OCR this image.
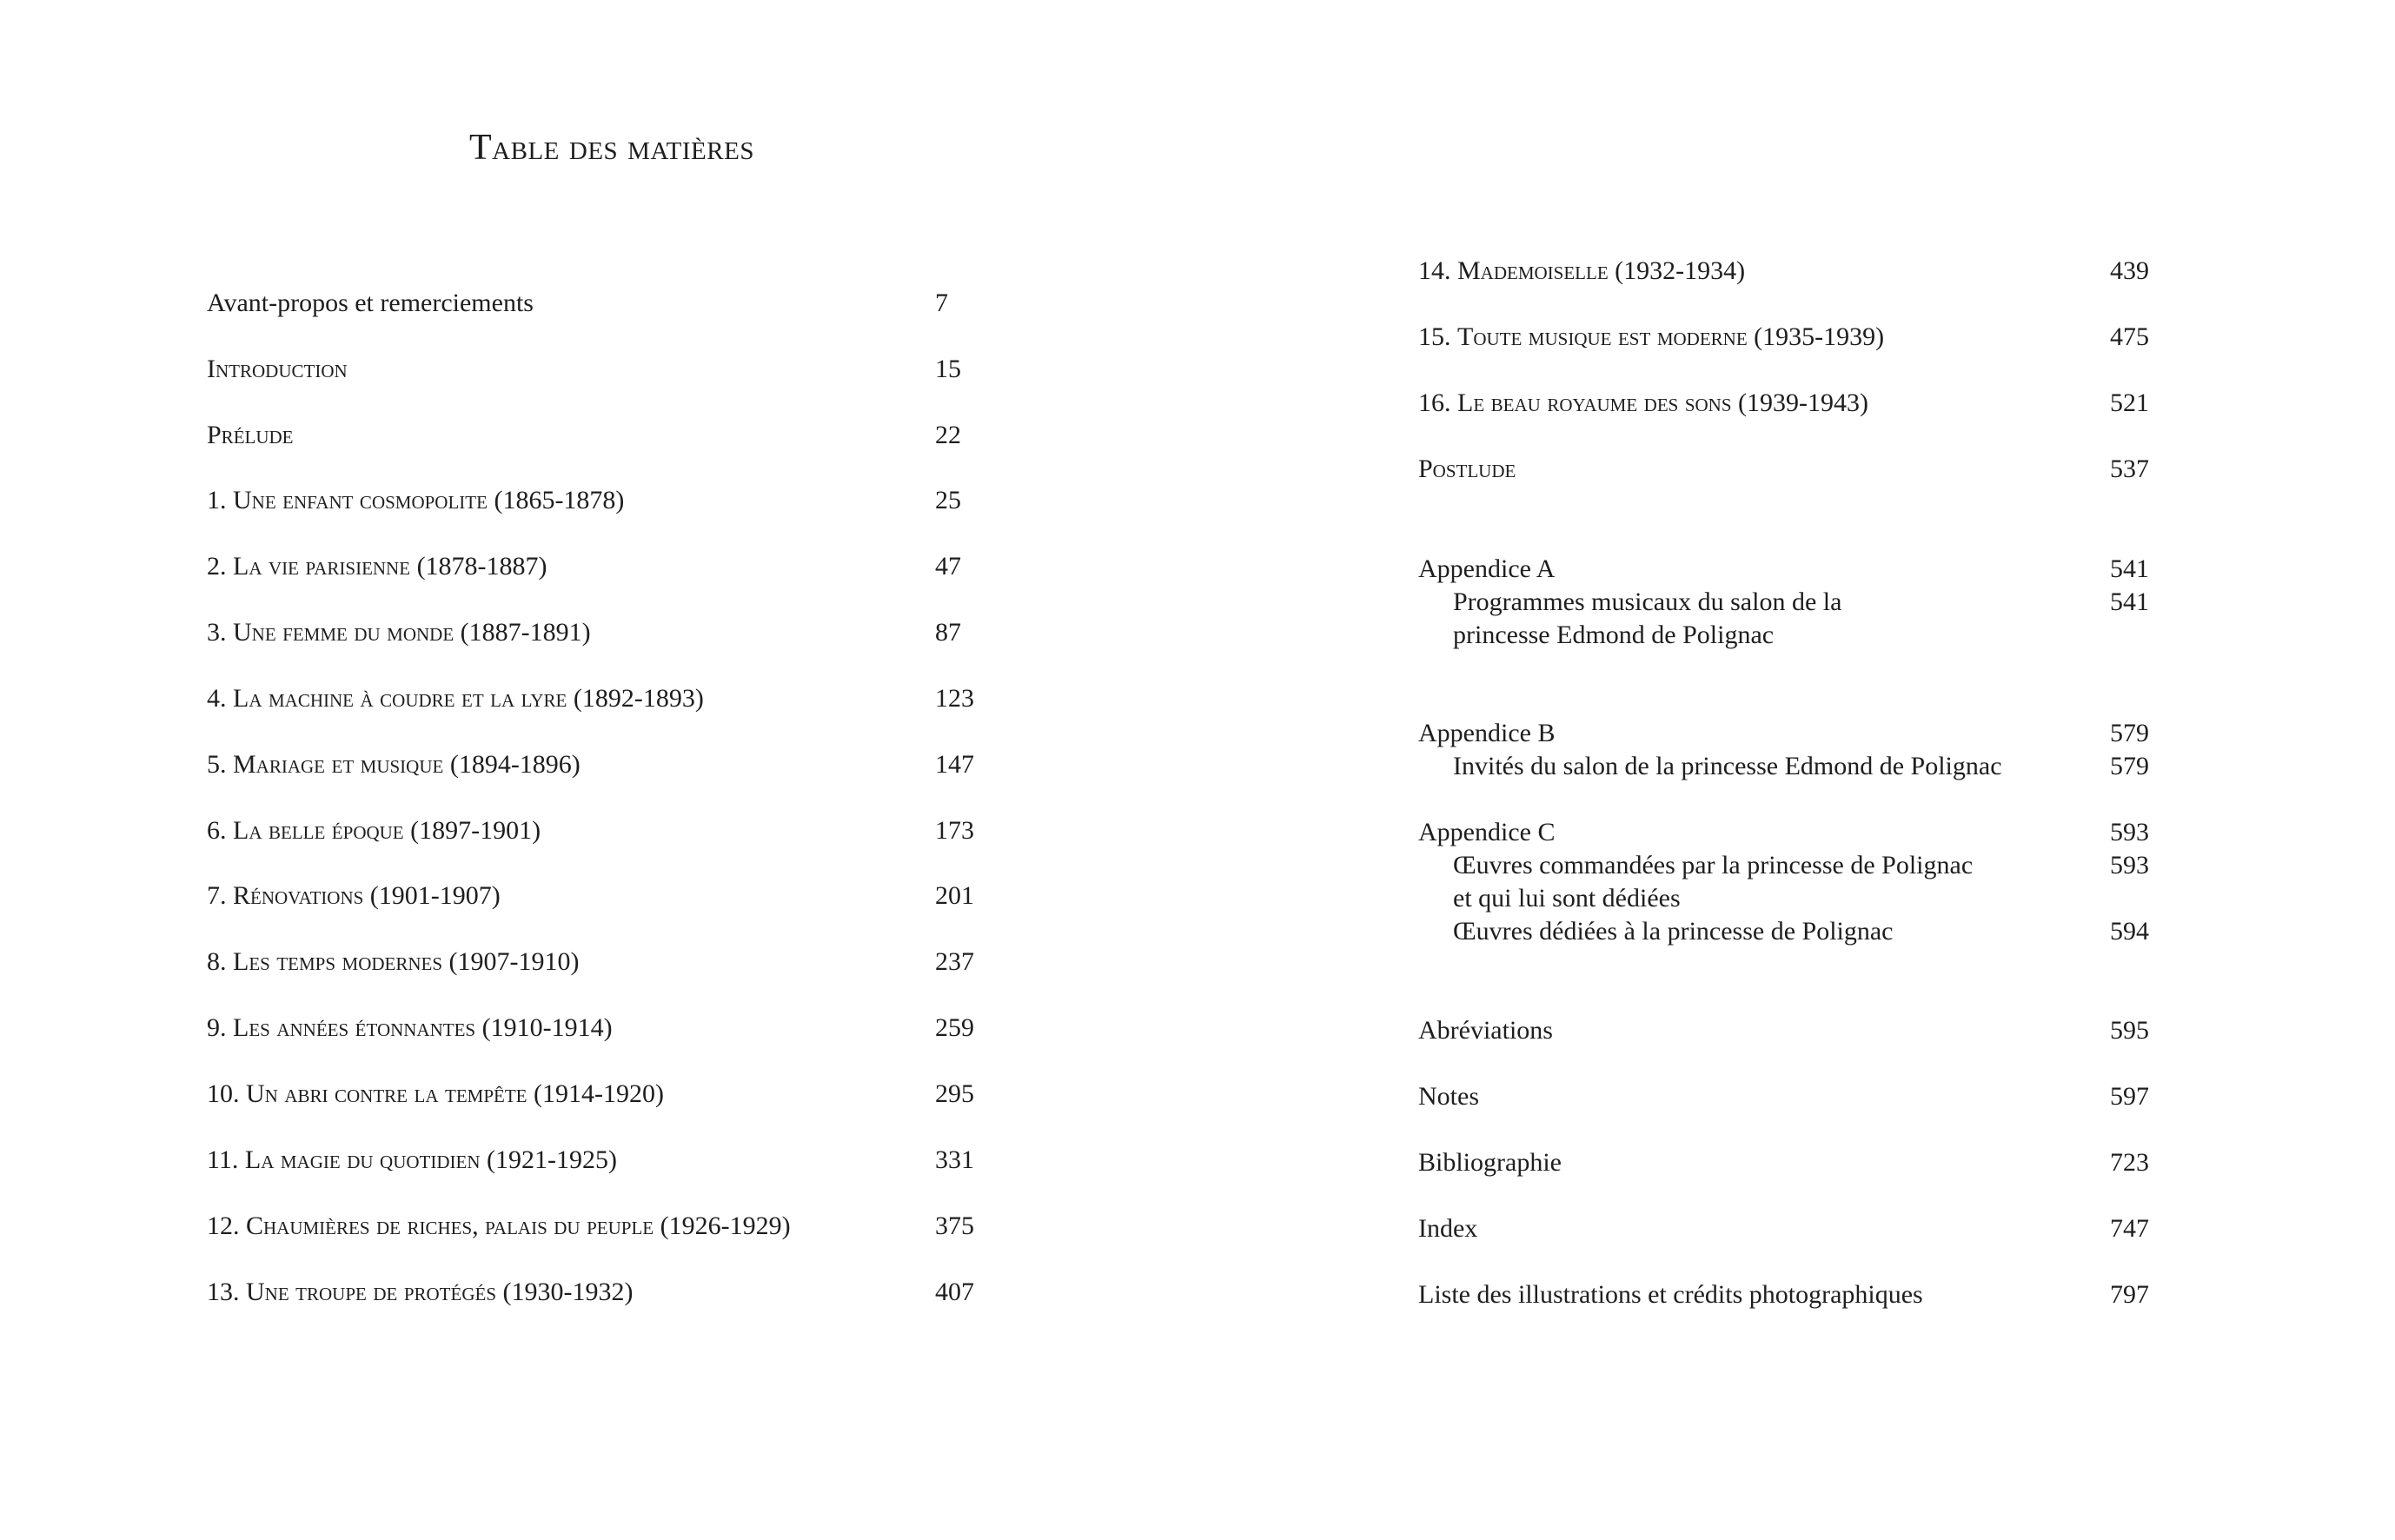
Table des matières
Avant-propos et remerciements	7
Introduction	15
Prélude	22
1. Une enfant cosmopolite (1865-1878)	25
2. La vie parisienne (1878-1887)	47
3. Une femme du monde (1887-1891)	87
4. La machine à coudre et la lyre (1892-1893)	123
5. Mariage et musique (1894-1896)	147
6. La belle époque (1897-1901)	173
7. Rénovations (1901-1907)	201
8. Les temps modernes (1907-1910)	237
9. Les années étonnantes (1910-1914)	259
10. Un abri contre la tempête (1914-1920)	295
11. La magie du quotidien (1921-1925)	331
12. Chaumières de riches, palais du peuple (1926-1929)	375
13. Une troupe de protégés (1930-1932)	407
14. Mademoiselle (1932-1934)	439
15. Toute musique est moderne (1935-1939)	475
16. Le beau royaume des sons (1939-1943)	521
Postlude	537
Appendice A	541
Programmes musicaux du salon de la	541
princesse Edmond de Polignac
Appendice B	579
Invités du salon de la princesse Edmond de Polignac	579
Appendice C	593
Œuvres commandées par la princesse de Polignac	593
et qui lui sont dédiées
Œuvres dédiées à la princesse de Polignac	594
Abréviations	595
Notes	597
Bibliographie	723
Index	747
Liste des illustrations et crédits photographiques	797
